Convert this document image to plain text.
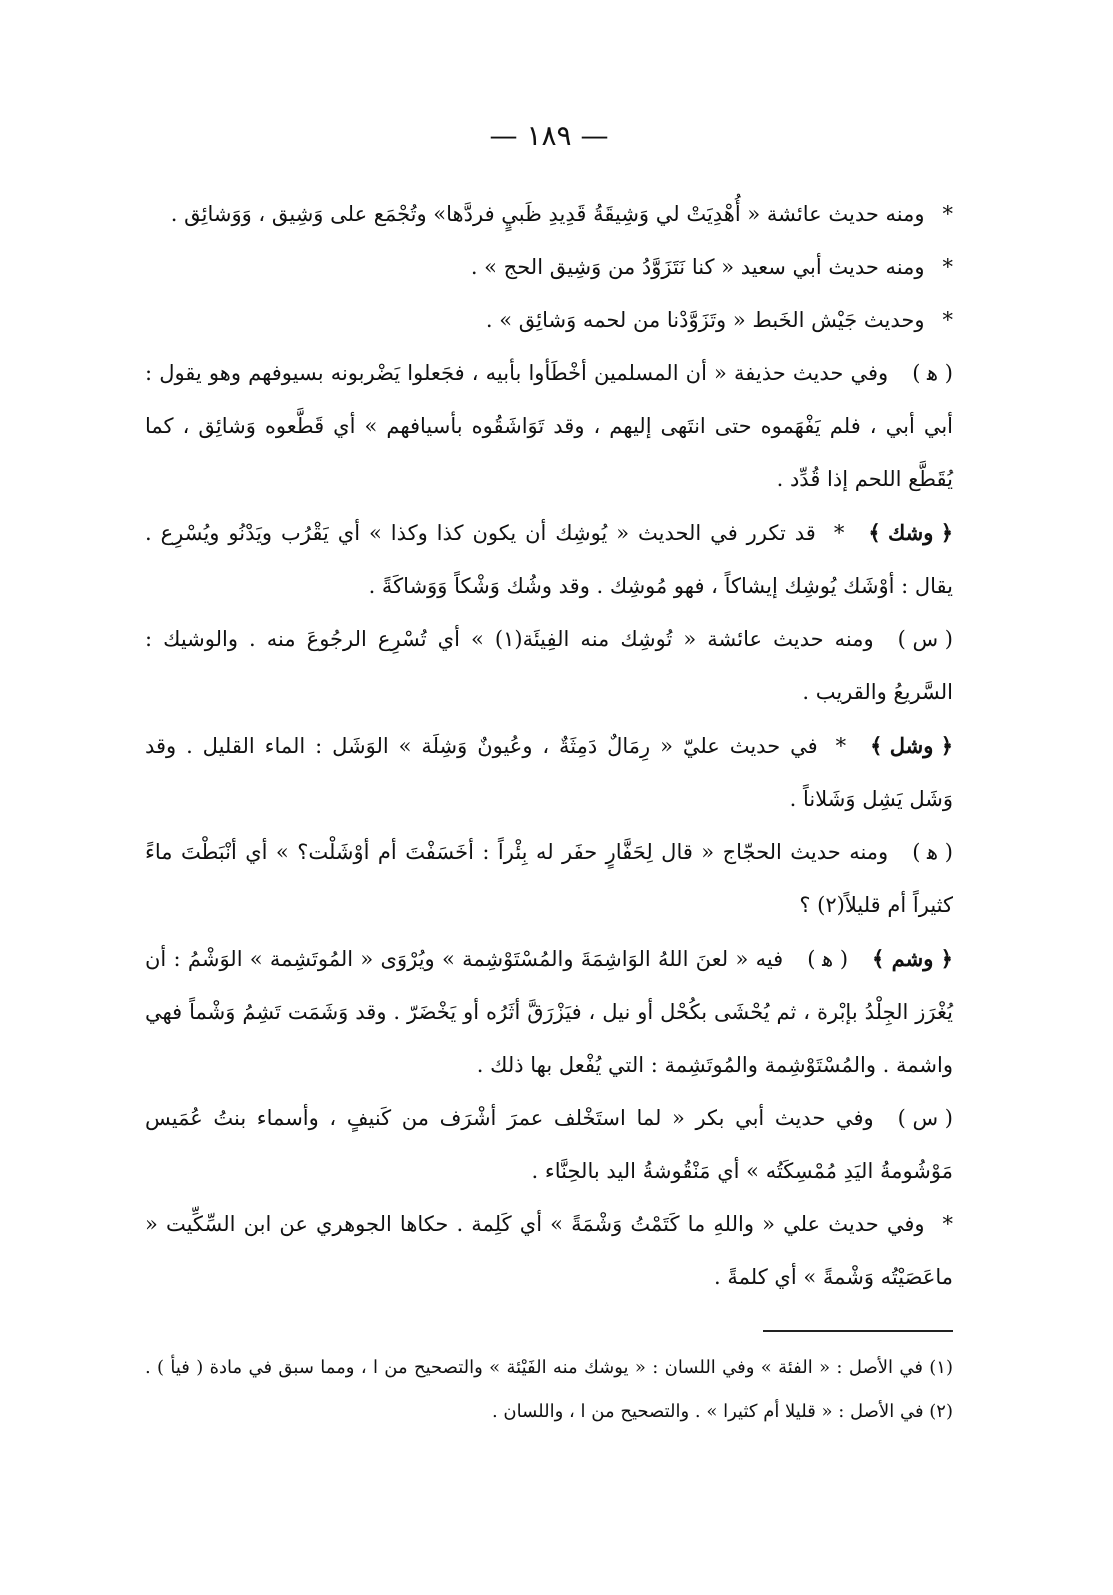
— ١٨٩ —

*ومنه حديث عائشة « أُهْدِيَتْ لي وَشِيقَةُ قَدِيدِ ظَبيٍ فردَّها» وتُجْمَع على وَشِيق ، وَوَشائِق .

*ومنه حديث أبي سعيد « كنا نَتَزَوَّدُ من وَشِيق الحج » .

*وحديث جَيْش الخَبط « وتَزَوَّدْنا من لحمه وَشائِق » .

( ﻫ )وفي حديث حذيفة « أن المسلمين أخْطَأوا بأبيه ، فجَعلوا يَضْربونه بسيوفهم وهو يقول : أبي أبي ، فلم يَفْهَموه حتى انتَهى إليهم ، وقد تَوَاشَقُوه بأسيافهم » أي قَطَّعوه وَشائِق ، كما يُقَطَّع اللحم إذا قُدِّد .

﴿ وشك ﴾*قد تكرر في الحديث « يُوشِك أن يكون كذا وكذا » أي يَقْرُب ويَدْنُو ويُسْرِع . يقال : أوْشَك يُوشِك إيشاكاً ، فهو مُوشِك . وقد وشُك وَشْكاً وَوَشاكَةً .

( س )ومنه حديث عائشة « تُوشِك منه الفِيئَة(١) » أي تُسْرِع الرجُوعَ منه . والوشيك : السَّريعُ والقريب .

﴿ وشل ﴾*في حديث عليّ « رِمَالٌ دَمِثَةٌ ، وعُيونٌ وَشِلَة » الوَشَل : الماء القليل . وقد وَشَل يَشِل وَشَلاناً .

( ﻫ )ومنه حديث الحجّاج « قال لِحَفَّارٍ حفَر له بِئْراً : أخَسَفْتَ أم أوْشَلْت؟ » أي أنْبَطْتَ ماءً كثيراً أم قليلاً(٢) ؟

﴿ وشم ﴾( ﻫ )فيه « لعنَ اللهُ الوَاشِمَةَ والمُسْتَوْشِمة » ويُرْوَى « المُوتَشِمة » الوَشْمُ : أن يُغْرَز الجِلْدُ بإبْرة ، ثم يُحْشَى بكُحْل أو نيل ، فيَزْرَقَّ أثَرُه أو يَخْضَرّ . وقد وَشَمَت تَشِمُ وَشْماً فهي واشمة . والمُسْتَوْشِمة والمُوتَشِمة : التي يُفْعل بها ذلك .

( س )وفي حديث أبي بكر « لما استَخْلف عمرَ أشْرَف من كَنيفٍ ، وأسماء بنتُ عُمَيس مَوْشُومةُ اليَدِ مُمْسِكَتُه » أي مَنْقُوشةُ اليد بالحِنَّاء .

*وفي حديث علي « واللهِ ما كَتَمْتُ وَشْمَةً » أي كَلِمة . حكاها الجوهري عن ابن السِّكِّيت « ماعَصَيْتُه وَشْمةً » أي كلمةً .

(١) في الأصل : « الفئة » وفي اللسان : « يوشك منه الفَيْئة » والتصحيح من ا ، ومما سبق في مادة ( فيأ ) . (٢) في الأصل : « قليلا أم كثيرا » . والتصحيح من ا ، واللسان .
